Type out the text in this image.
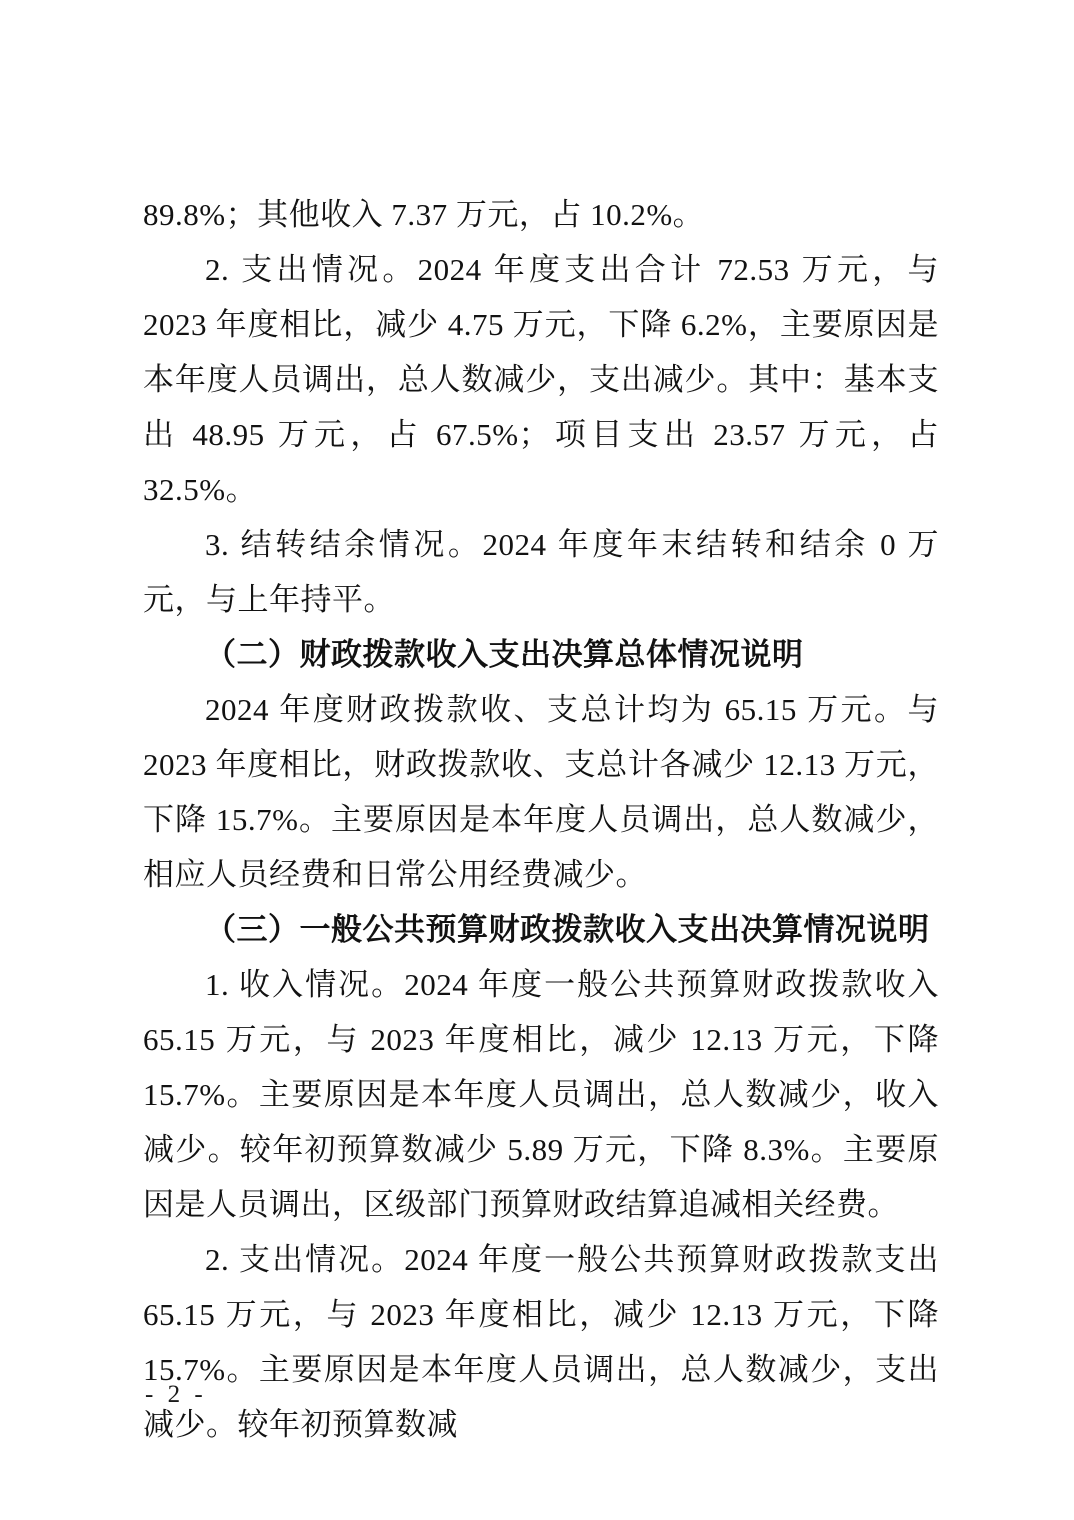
89.8%；其他收入 7.37 万元，占 10.2%。

2. 支出情况。2024 年度支出合计 72.53 万元，与 2023 年度相比，减少 4.75 万元，下降 6.2%，主要原因是本年度人员调出，总人数减少，支出减少。其中：基本支出 48.95 万元，占 67.5%；项目支出 23.57 万元，占 32.5%。

3. 结转结余情况。2024 年度年末结转和结余 0 万元，与上年持平。

（二）财政拨款收入支出决算总体情况说明

2024 年度财政拨款收、支总计均为 65.15 万元。与 2023 年度相比，财政拨款收、支总计各减少 12.13 万元，下降 15.7%。主要原因是本年度人员调出，总人数减少，相应人员经费和日常公用经费减少。

（三）一般公共预算财政拨款收入支出决算情况说明

1. 收入情况。2024 年度一般公共预算财政拨款收入 65.15 万元，与 2023 年度相比，减少 12.13 万元，下降 15.7%。主要原因是本年度人员调出，总人数减少，收入减少。较年初预算数减少 5.89 万元，下降 8.3%。主要原因是人员调出，区级部门预算财政结算追减相关经费。

2. 支出情况。2024 年度一般公共预算财政拨款支出 65.15 万元，与 2023 年度相比，减少 12.13 万元，下降 15.7%。主要原因是本年度人员调出，总人数减少，支出减少。较年初预算数减

- 2 -
